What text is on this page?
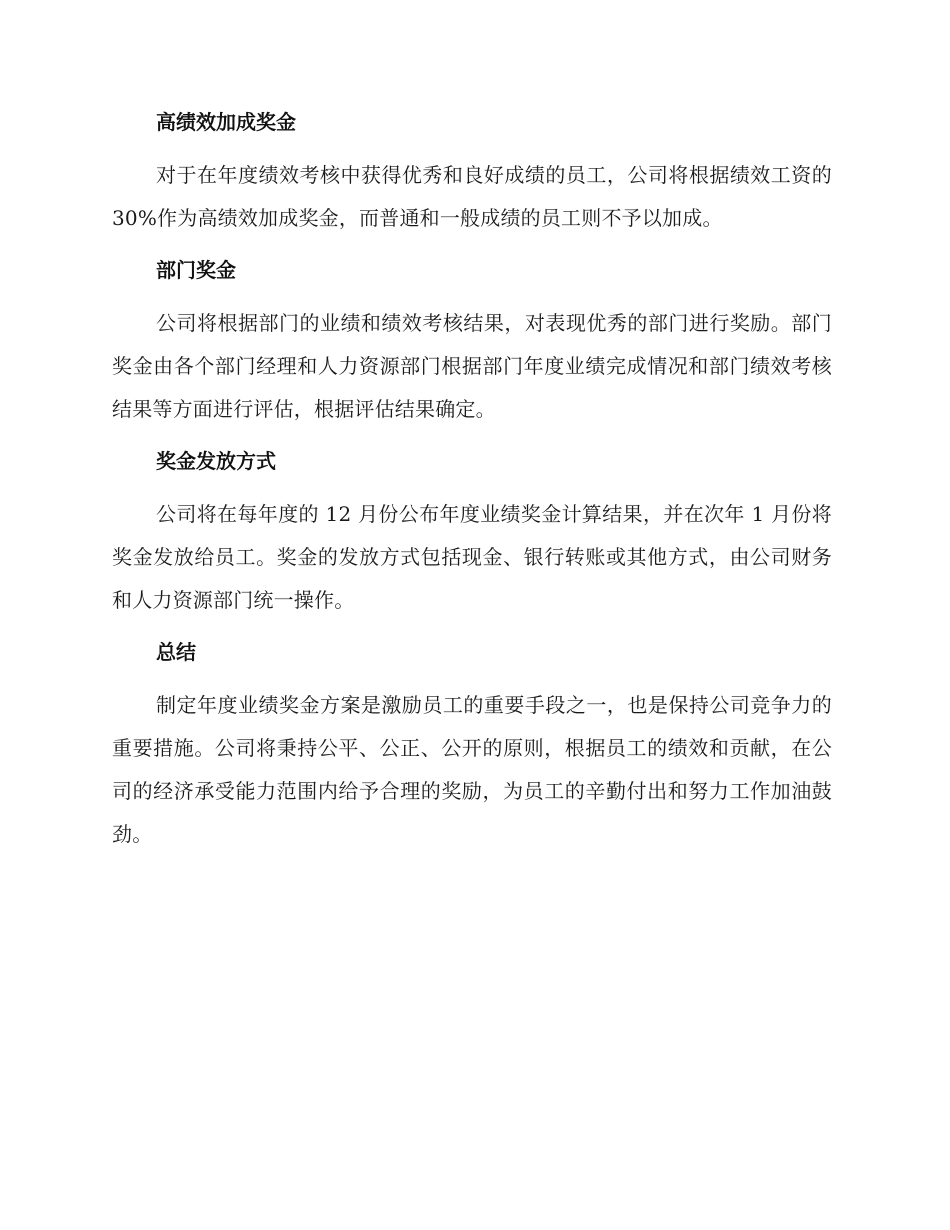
高绩效加成奖金

对于在年度绩效考核中获得优秀和良好成绩的员工，公司将根据绩效工资的 30%作为高绩效加成奖金，而普通和一般成绩的员工则不予以加成。

部门奖金

公司将根据部门的业绩和绩效考核结果，对表现优秀的部门进行奖励。部门奖金由各个部门经理和人力资源部门根据部门年度业绩完成情况和部门绩效考核结果等方面进行评估，根据评估结果确定。

奖金发放方式

公司将在每年度的 12 月份公布年度业绩奖金计算结果，并在次年 1 月份将奖金发放给员工。奖金的发放方式包括现金、银行转账或其他方式，由公司财务和人力资源部门统一操作。

总结

制定年度业绩奖金方案是激励员工的重要手段之一，也是保持公司竞争力的重要措施。公司将秉持公平、公正、公开的原则，根据员工的绩效和贡献，在公司的经济承受能力范围内给予合理的奖励，为员工的辛勤付出和努力工作加油鼓劲。
